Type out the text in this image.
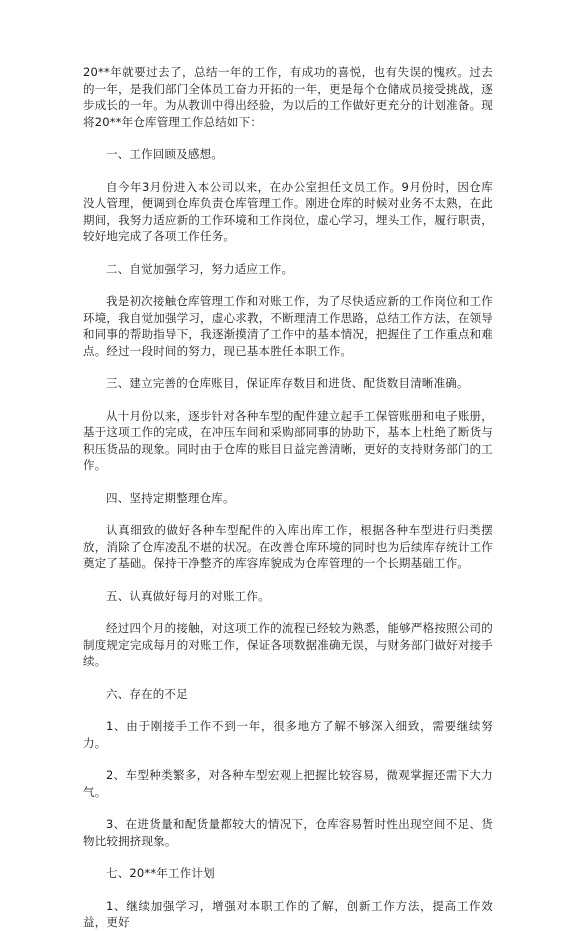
20**年就要过去了，总结一年的工作，有成功的喜悦，也有失误的愧疚。过去的一年，是我们部门全体员工奋力开拓的一年，更是每个仓储成员接受挑战，逐步成长的一年。为从教训中得出经验，为以后的工作做好更充分的计划准备。现将20**年仓库管理工作总结如下：

一、工作回顾及感想。

自今年3月份进入本公司以来，在办公室担任文员工作。9月份时，因仓库没人管理，便调到仓库负责仓库管理工作。刚进仓库的时候对业务不太熟，在此期间，我努力适应新的工作环境和工作岗位，虚心学习，埋头工作，履行职责，较好地完成了各项工作任务。

二、自觉加强学习，努力适应工作。

我是初次接触仓库管理工作和对账工作，为了尽快适应新的工作岗位和工作环境，我自觉加强学习，虚心求教，不断理清工作思路，总结工作方法，在领导和同事的帮助指导下，我逐渐摸清了工作中的基本情况，把握住了工作重点和难点。经过一段时间的努力，现已基本胜任本职工作。

三、建立完善的仓库账目，保证库存数目和进货、配货数目清晰准确。

从十月份以来，逐步针对各种车型的配件建立起手工保管账册和电子账册，基于这项工作的完成，在冲压车间和采购部同事的协助下，基本上杜绝了断货与积压货品的现象。同时由于仓库的账目日益完善清晰，更好的支持财务部门的工作。

四、坚持定期整理仓库。

认真细致的做好各种车型配件的入库出库工作，根据各种车型进行归类摆放，消除了仓库凌乱不堪的状况。在改善仓库环境的同时也为后续库存统计工作奠定了基础。保持干净整齐的库容库貌成为仓库管理的一个长期基础工作。

五、认真做好每月的对账工作。

经过四个月的接触，对这项工作的流程已经较为熟悉，能够严格按照公司的制度规定完成每月的对账工作，保证各项数据准确无误，与财务部门做好对接手续。

六、存在的不足

1、由于刚接手工作不到一年，很多地方了解不够深入细致，需要继续努力。

2、车型种类繁多，对各种车型宏观上把握比较容易，微观掌握还需下大力气。

3、在进货量和配货量都较大的情况下，仓库容易暂时性出现空间不足、货物比较拥挤现象。

七、20**年工作计划

1、继续加强学习，增强对本职工作的了解，创新工作方法，提高工作效益，更好
